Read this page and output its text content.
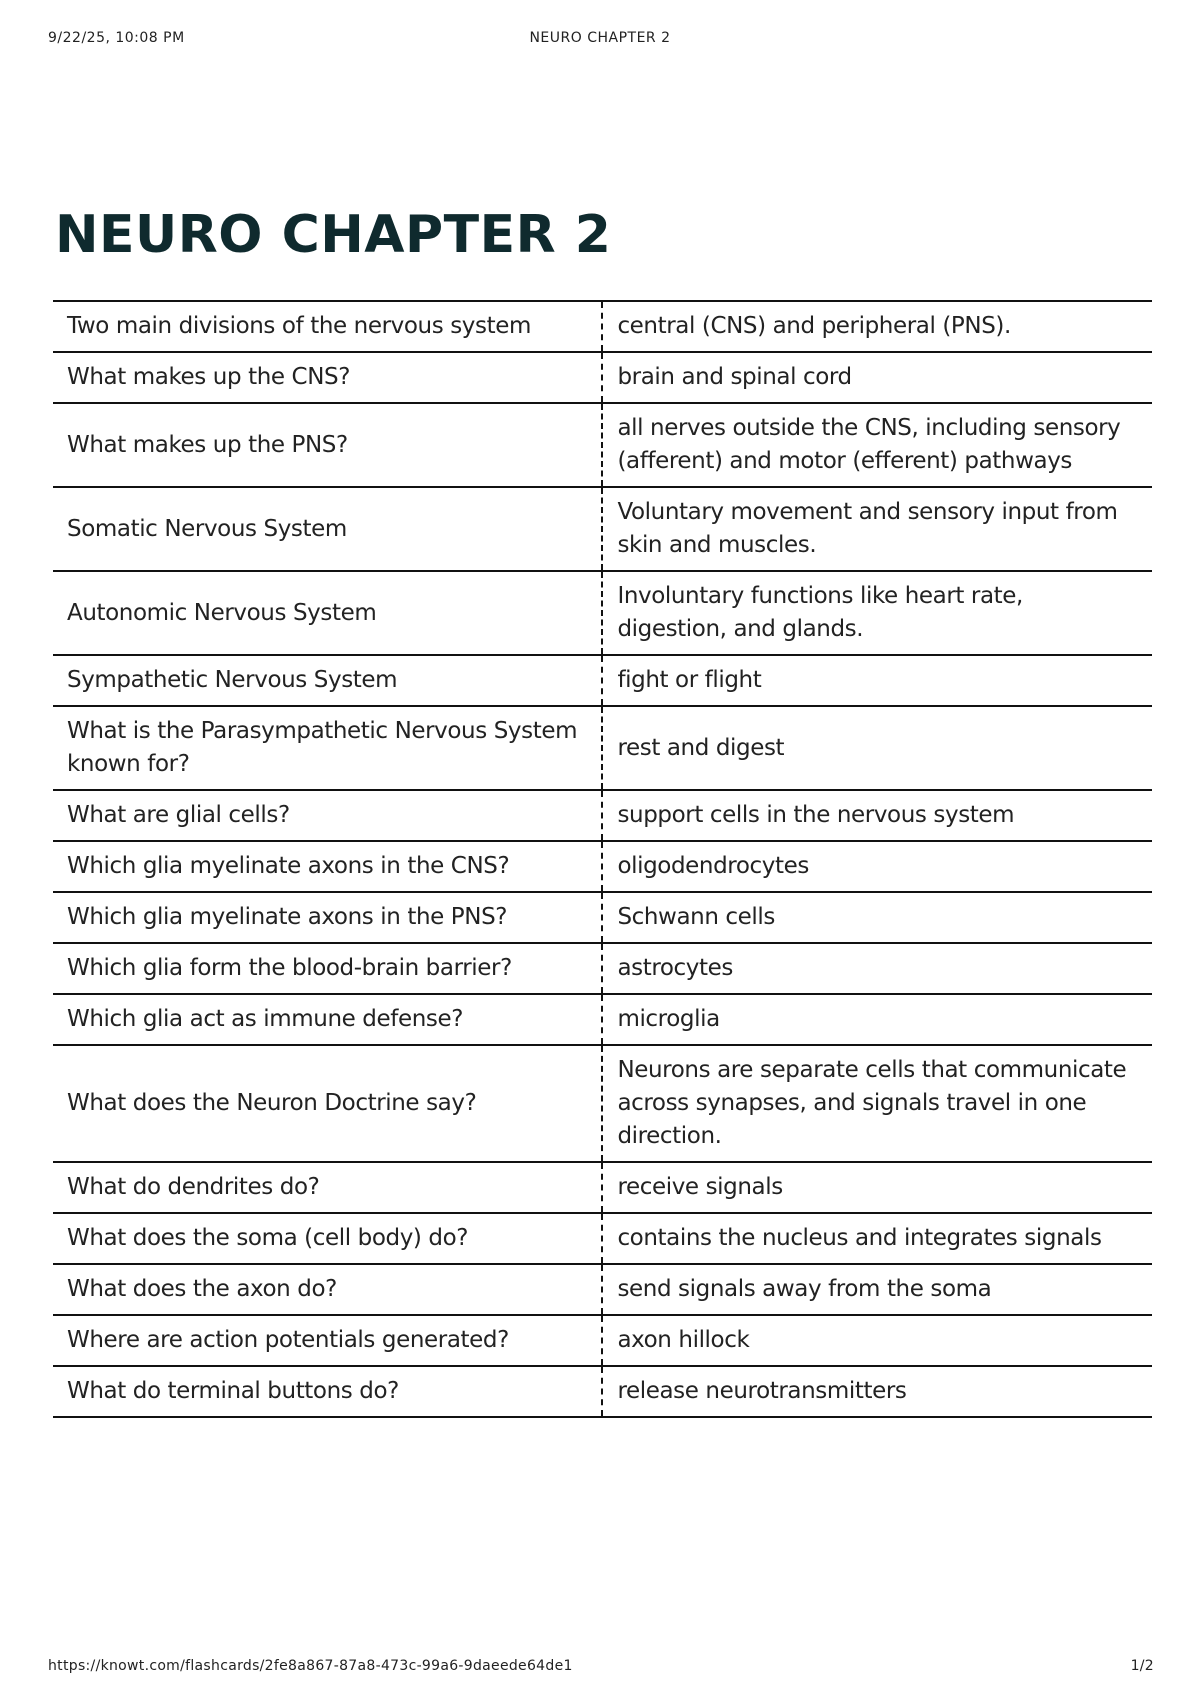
9/22/25, 10:08 PM	NEURO CHAPTER 2
NEURO CHAPTER 2
Two main divisions of the nervous system	central (CNS) and peripheral (PNS).
What makes up the CNS?	brain and spinal cord
What makes up the PNS?	all nerves outside the CNS, including sensory (afferent) and motor (efferent) pathways
Somatic Nervous System	Voluntary movement and sensory input from skin and muscles.
Autonomic Nervous System	Involuntary functions like heart rate, digestion, and glands.
Sympathetic Nervous System	fight or flight
What is the Parasympathetic Nervous System known for?	rest and digest
What are glial cells?	support cells in the nervous system
Which glia myelinate axons in the CNS?	oligodendrocytes
Which glia myelinate axons in the PNS?	Schwann cells
Which glia form the blood-brain barrier?	astrocytes
Which glia act as immune defense?	microglia
What does the Neuron Doctrine say?	Neurons are separate cells that communicate across synapses, and signals travel in one direction.
What do dendrites do?	receive signals
What does the soma (cell body) do?	contains the nucleus and integrates signals
What does the axon do?	send signals away from the soma
Where are action potentials generated?	axon hillock
What do terminal buttons do?	release neurotransmitters
https://knowt.com/flashcards/2fe8a867-87a8-473c-99a6-9daeede64de1	1/2
